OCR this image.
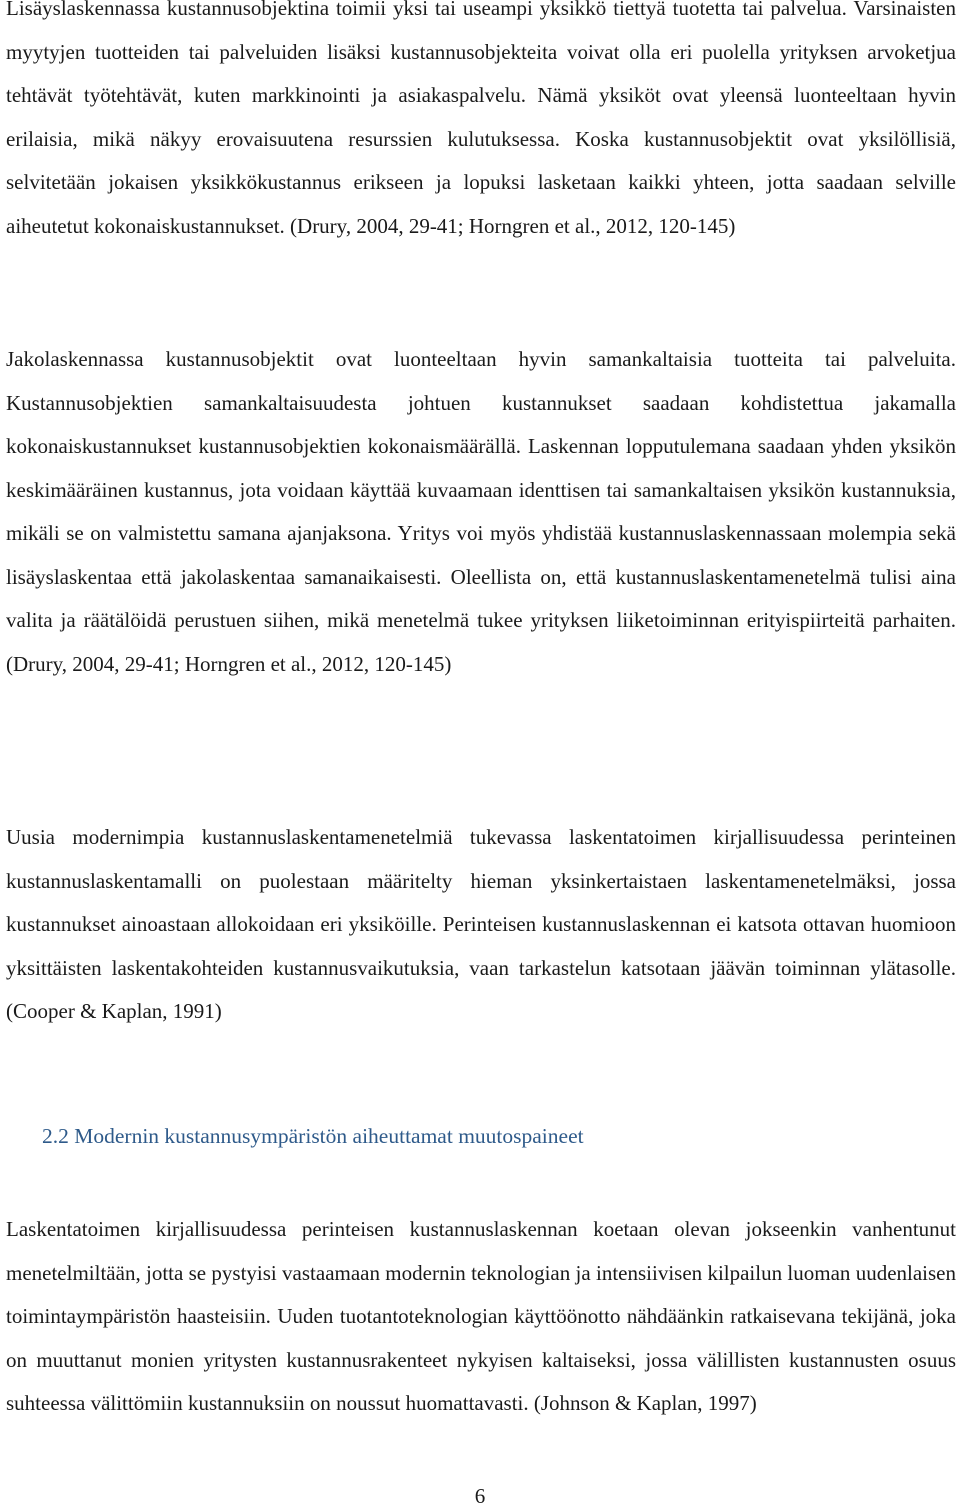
Lisäyslaskennassa kustannusobjektina toimii yksi tai useampi yksikkö tiettyä tuotetta tai palvelua. Varsinaisten myytyjen tuotteiden tai palveluiden lisäksi kustannusobjekteita voivat olla eri puolella yrityksen arvoketjua tehtävät työtehtävät, kuten markkinointi ja asiakaspalvelu. Nämä yksiköt ovat yleensä luonteeltaan hyvin erilaisia, mikä näkyy erovaisuutena resurssien kulutuksessa. Koska kustannusobjektit ovat yksilöllisiä, selvitetään jokaisen yksikkökustannus erikseen ja lopuksi lasketaan kaikki yhteen, jotta saadaan selville aiheutetut kokonaiskustannukset. (Drury, 2004, 29-41; Horngren et al., 2012, 120-145)

Jakolaskennassa kustannusobjektit ovat luonteeltaan hyvin samankaltaisia tuotteita tai palveluita. Kustannusobjektien samankaltaisuudesta johtuen kustannukset saadaan kohdistettua jakamalla kokonaiskustannukset kustannusobjektien kokonaismäärällä. Laskennan lopputulemana saadaan yhden yksikön keskimääräinen kustannus, jota voidaan käyttää kuvaamaan identtisen tai samankaltaisen yksikön kustannuksia, mikäli se on valmistettu samana ajanjaksona. Yritys voi myös yhdistää kustannuslaskennassaan molempia sekä lisäyslaskentaa että jakolaskentaa samanaikaisesti. Oleellista on, että kustannuslaskentamenetelmä tulisi aina valita ja räätälöidä perustuen siihen, mikä menetelmä tukee yrityksen liiketoiminnan erityispiirteitä parhaiten. (Drury, 2004, 29-41; Horngren et al., 2012, 120-145)

Uusia modernimpia kustannuslaskentamenetelmiä tukevassa laskentatoimen kirjallisuudessa perinteinen kustannuslaskentamalli on puolestaan määritelty hieman yksinkertaistaen laskentamenetelmäksi, jossa kustannukset ainoastaan allokoidaan eri yksiköille. Perinteisen kustannuslaskennan ei katsota ottavan huomioon yksittäisten laskentakohteiden kustannusvaikutuksia, vaan tarkastelun katsotaan jäävän toiminnan ylätasolle. (Cooper & Kaplan, 1991)

2.2 Modernin kustannusympäristön aiheuttamat muutospaineet

Laskentatoimen kirjallisuudessa perinteisen kustannuslaskennan koetaan olevan jokseenkin vanhentunut menetelmiltään, jotta se pystyisi vastaamaan modernin teknologian ja intensiivisen kilpailun luoman uudenlaisen toimintaympäristön haasteisiin. Uuden tuotantoteknologian käyttöönotto nähdäänkin ratkaisevana tekijänä, joka on muuttanut monien yritysten kustannusrakenteet nykyisen kaltaiseksi, jossa välillisten kustannusten osuus suhteessa välittömiin kustannuksiin on noussut huomattavasti. (Johnson & Kaplan, 1997)

6
